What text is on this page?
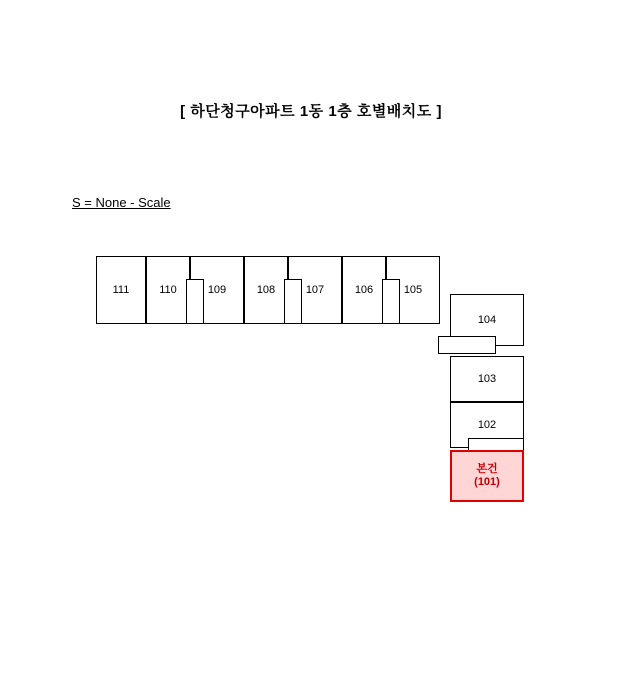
[ 하단청구아파트 1동 1층 호별배치도 ]
S = None - Scale
111	110	109	108	107	106	105
104
103
102
본건
(101)
